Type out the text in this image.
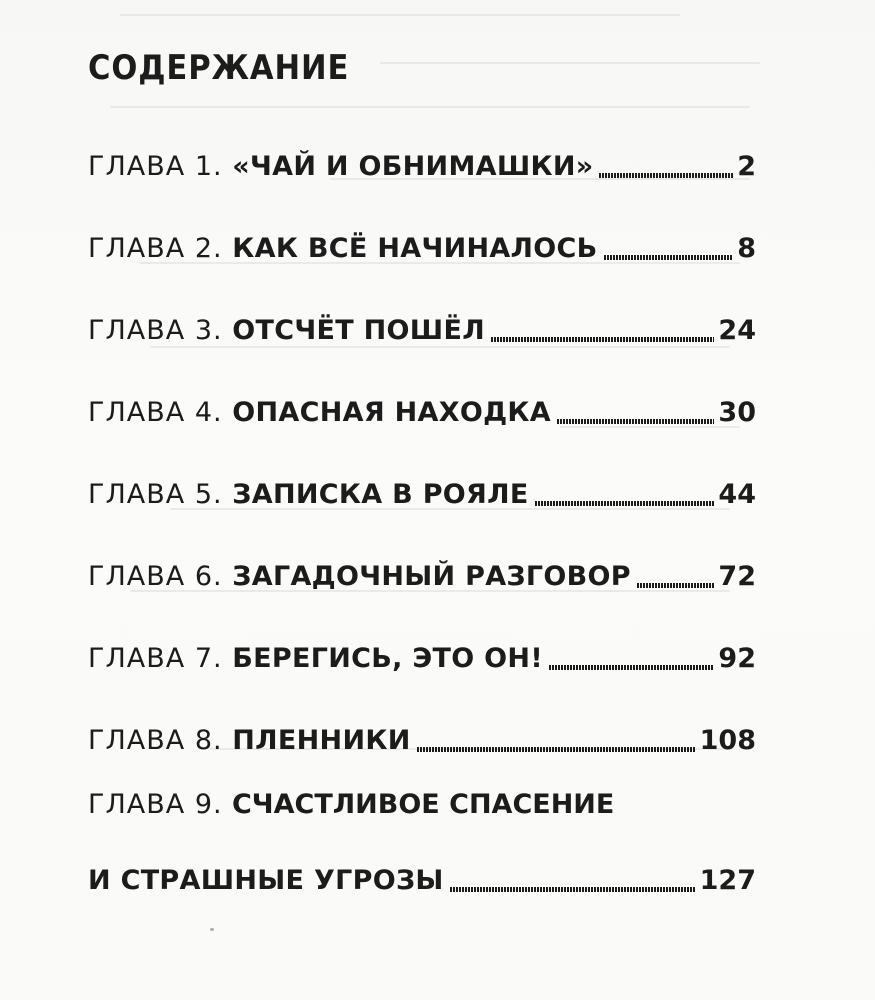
СОДЕРЖАНИЕ
ГЛАВА 1. «ЧАЙ И ОБНИМАШКИ»	2
ГЛАВА 2. КАК ВСЁ НАЧИНАЛОСЬ	8
ГЛАВА 3. ОТСЧЁТ ПОШЁЛ	24
ГЛАВА 4. ОПАСНАЯ НАХОДКА	30
ГЛАВА 5. ЗАПИСКА В РОЯЛЕ	44
ГЛАВА 6. ЗАГАДОЧНЫЙ РАЗГОВОР	72
ГЛАВА 7. БЕРЕГИСЬ, ЭТО ОН!	92
ГЛАВА 8. ПЛЕННИКИ	108
ГЛАВА 9. СЧАСТЛИВОЕ СПАСЕНИЕ
И СТРАШНЫЕ УГРОЗЫ	127
